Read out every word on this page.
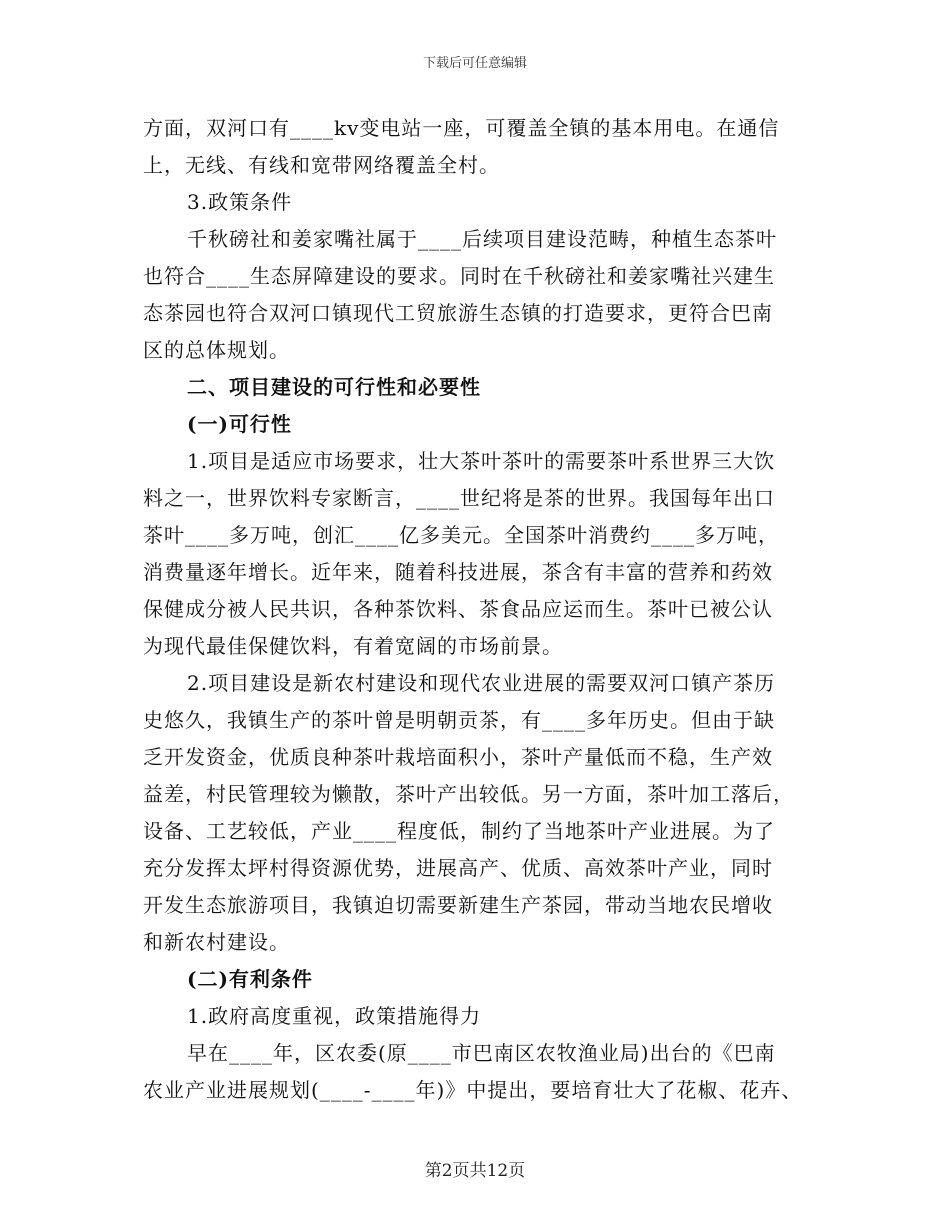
下载后可任意编辑
方面，双河口有____kv变电站一座，可覆盖全镇的基本用电。在通信
上，无线、有线和宽带网络覆盖全村。
3.政策条件
千秋磅社和姜家嘴社属于____后续项目建设范畴，种植生态茶叶
也符合____生态屏障建设的要求。同时在千秋磅社和姜家嘴社兴建生
态茶园也符合双河口镇现代工贸旅游生态镇的打造要求，更符合巴南
区的总体规划。
二、项目建设的可行性和必要性
(一)可行性
1.项目是适应市场要求，壮大茶叶茶叶的需要茶叶系世界三大饮
料之一，世界饮料专家断言，____世纪将是茶的世界。我国每年出口
茶叶____多万吨，创汇____亿多美元。全国茶叶消费约____多万吨，
消费量逐年增长。近年来，随着科技进展，茶含有丰富的营养和药效
保健成分被人民共识，各种茶饮料、茶食品应运而生。茶叶已被公认
为现代最佳保健饮料，有着宽阔的市场前景。
2.项目建设是新农村建设和现代农业进展的需要双河口镇产茶历
史悠久，我镇生产的茶叶曾是明朝贡茶，有____多年历史。但由于缺
乏开发资金，优质良种茶叶栽培面积小，茶叶产量低而不稳，生产效
益差，村民管理较为懒散，茶叶产出较低。另一方面，茶叶加工落后，
设备、工艺较低，产业____程度低，制约了当地茶叶产业进展。为了
充分发挥太坪村得资源优势，进展高产、优质、高效茶叶产业，同时
开发生态旅游项目，我镇迫切需要新建生产茶园，带动当地农民增收
和新农村建设。
(二)有利条件
1.政府高度重视，政策措施得力
早在____年，区农委(原____市巴南区农牧渔业局)出台的《巴南
农业产业进展规划(____-____年)》中提出，要培育壮大了花椒、花卉、
第2页共12页
